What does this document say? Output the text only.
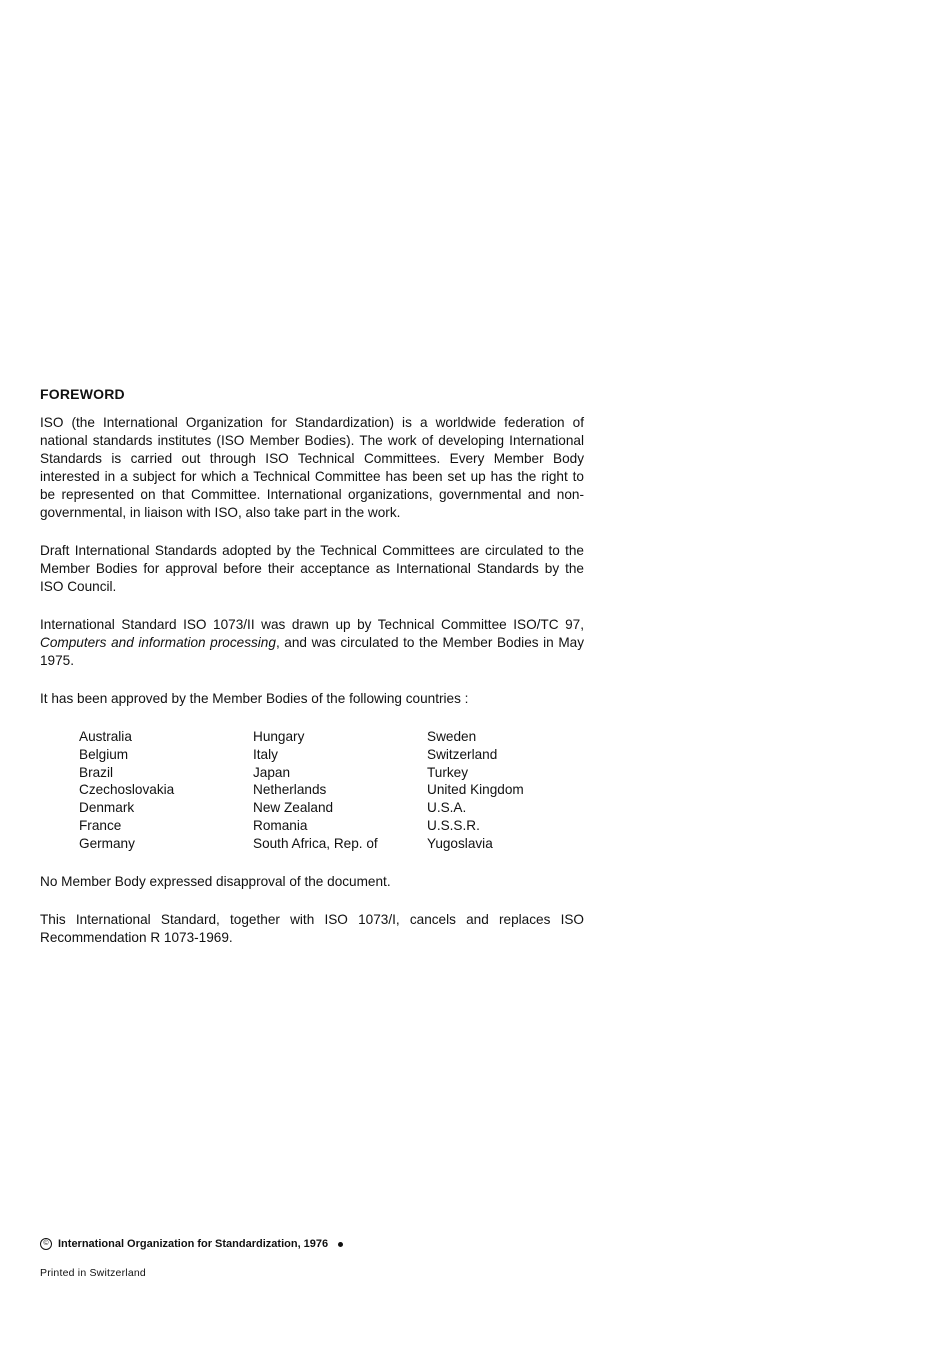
FOREWORD

ISO (the International Organization for Standardization) is a worldwide federation of national standards institutes (ISO Member Bodies). The work of developing International Standards is carried out through ISO Technical Committees. Every Member Body interested in a subject for which a Technical Committee has been set up has the right to be represented on that Committee. International organizations, governmental and non-governmental, in liaison with ISO, also take part in the work.

Draft International Standards adopted by the Technical Committees are circulated to the Member Bodies for approval before their acceptance as International Standards by the ISO Council.

International Standard ISO 1073/II was drawn up by Technical Committee ISO/TC 97, Computers and information processing, and was circulated to the Member Bodies in May 1975.

It has been approved by the Member Bodies of the following countries :

Australia
Belgium
Brazil
Czechoslovakia
Denmark
France
Germany
Hungary
Italy
Japan
Netherlands
New Zealand
Romania
South Africa, Rep. of
Sweden
Switzerland
Turkey
United Kingdom
U.S.A.
U.S.S.R.
Yugoslavia

No Member Body expressed disapproval of the document.

This International Standard, together with ISO 1073/I, cancels and replaces ISO Recommendation R 1073-1969.

© International Organization for Standardization, 1976
Printed in Switzerland
